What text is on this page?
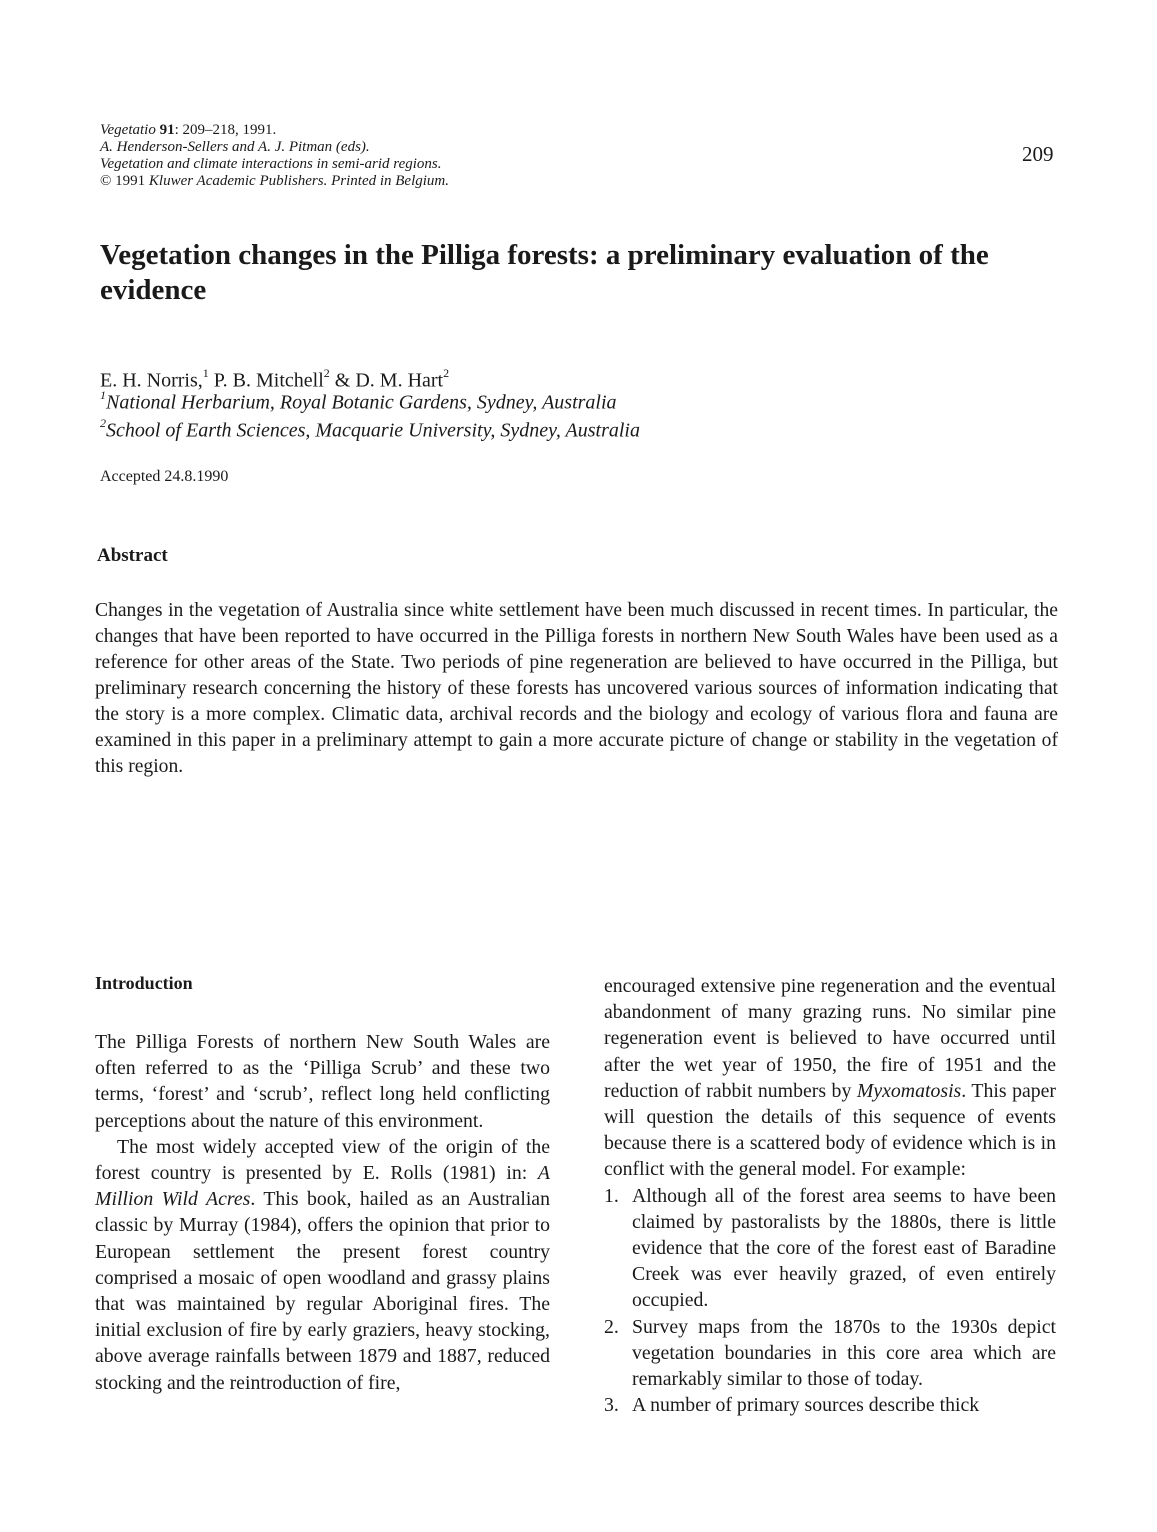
Vegetatio 91: 209–218, 1991.
A. Henderson-Sellers and A. J. Pitman (eds).
Vegetation and climate interactions in semi-arid regions.
© 1991 Kluwer Academic Publishers. Printed in Belgium.
209
Vegetation changes in the Pilliga forests: a preliminary evaluation of the evidence
E. H. Norris,$^1$ P. B. Mitchell$^2$ & D. M. Hart$^2$
$^1$National Herbarium, Royal Botanic Gardens, Sydney, Australia
$^2$School of Earth Sciences, Macquarie University, Sydney, Australia
Accepted 24.8.1990
Abstract
Changes in the vegetation of Australia since white settlement have been much discussed in recent times. In particular, the changes that have been reported to have occurred in the Pilliga forests in northern New South Wales have been used as a reference for other areas of the State. Two periods of pine regeneration are believed to have occurred in the Pilliga, but preliminary research concerning the history of these forests has uncovered various sources of information indicating that the story is a more complex. Climatic data, archival records and the biology and ecology of various flora and fauna are examined in this paper in a preliminary attempt to gain a more accurate picture of change or stability in the vegetation of this region.
Introduction

The Pilliga Forests of northern New South Wales are often referred to as the ‘Pilliga Scrub’ and these two terms, ‘forest’ and ‘scrub’, reflect long held conflicting perceptions about the nature of this environment.

The most widely accepted view of the origin of the forest country is presented by E. Rolls (1981) in: A Million Wild Acres. This book, hailed as an Australian classic by Murray (1984), offers the opinion that prior to European settlement the present forest country comprised a mosaic of open woodland and grassy plains that was maintained by regular Aboriginal fires. The initial exclusion of fire by early graziers, heavy stocking, above average rainfalls between 1879 and 1887, reduced stocking and the reintroduction of fire,

encouraged extensive pine regeneration and the eventual abandonment of many grazing runs. No similar pine regeneration event is believed to have occurred until after the wet year of 1950, the fire of 1951 and the reduction of rabbit numbers by Myxomatosis. This paper will question the details of this sequence of events because there is a scattered body of evidence which is in conflict with the general model. For example:

1. Although all of the forest area seems to have been claimed by pastoralists by the 1880s, there is little evidence that the core of the forest east of Baradine Creek was ever heavily grazed, of even entirely occupied.
2. Survey maps from the 1870s to the 1930s depict vegetation boundaries in this core area which are remarkably similar to those of today.
3. A number of primary sources describe thick
